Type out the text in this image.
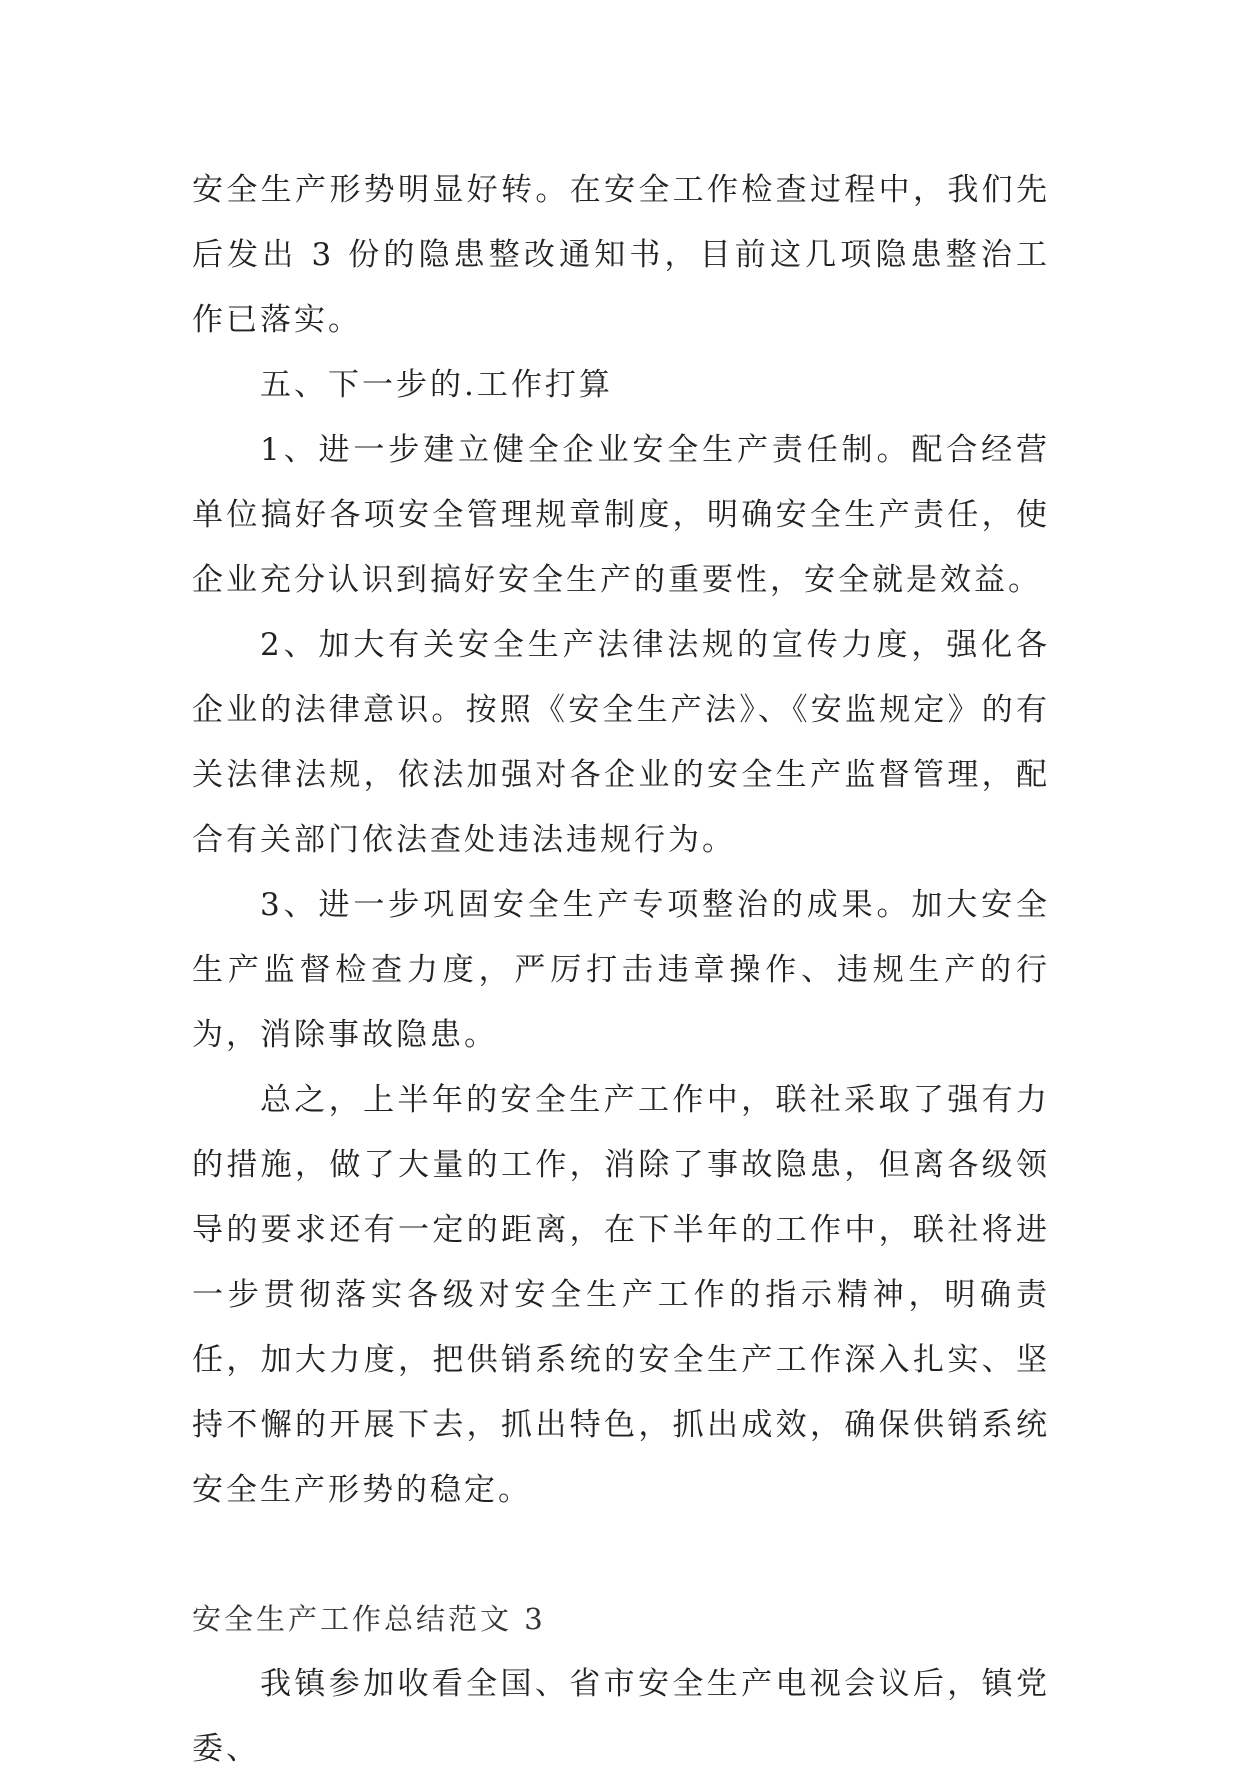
安全生产形势明显好转。在安全工作检查过程中，我们先后发出 3 份的隐患整改通知书，目前这几项隐患整治工作已落实。

五、下一步的.工作打算

1、进一步建立健全企业安全生产责任制。配合经营单位搞好各项安全管理规章制度，明确安全生产责任，使企业充分认识到搞好安全生产的重要性，安全就是效益。

2、加大有关安全生产法律法规的宣传力度，强化各企业的法律意识。按照《安全生产法》、《安监规定》的有关法律法规，依法加强对各企业的安全生产监督管理，配合有关部门依法查处违法违规行为。

3、进一步巩固安全生产专项整治的成果。加大安全生产监督检查力度，严厉打击违章操作、违规生产的行为，消除事故隐患。

总之，上半年的安全生产工作中，联社采取了强有力的措施，做了大量的工作，消除了事故隐患，但离各级领导的要求还有一定的距离，在下半年的工作中，联社将进一步贯彻落实各级对安全生产工作的指示精神，明确责任，加大力度，把供销系统的安全生产工作深入扎实、坚持不懈的开展下去，抓出特色，抓出成效，确保供销系统安全生产形势的稳定。

安全生产工作总结范文 3

我镇参加收看全国、省市安全生产电视会议后，镇党委、
